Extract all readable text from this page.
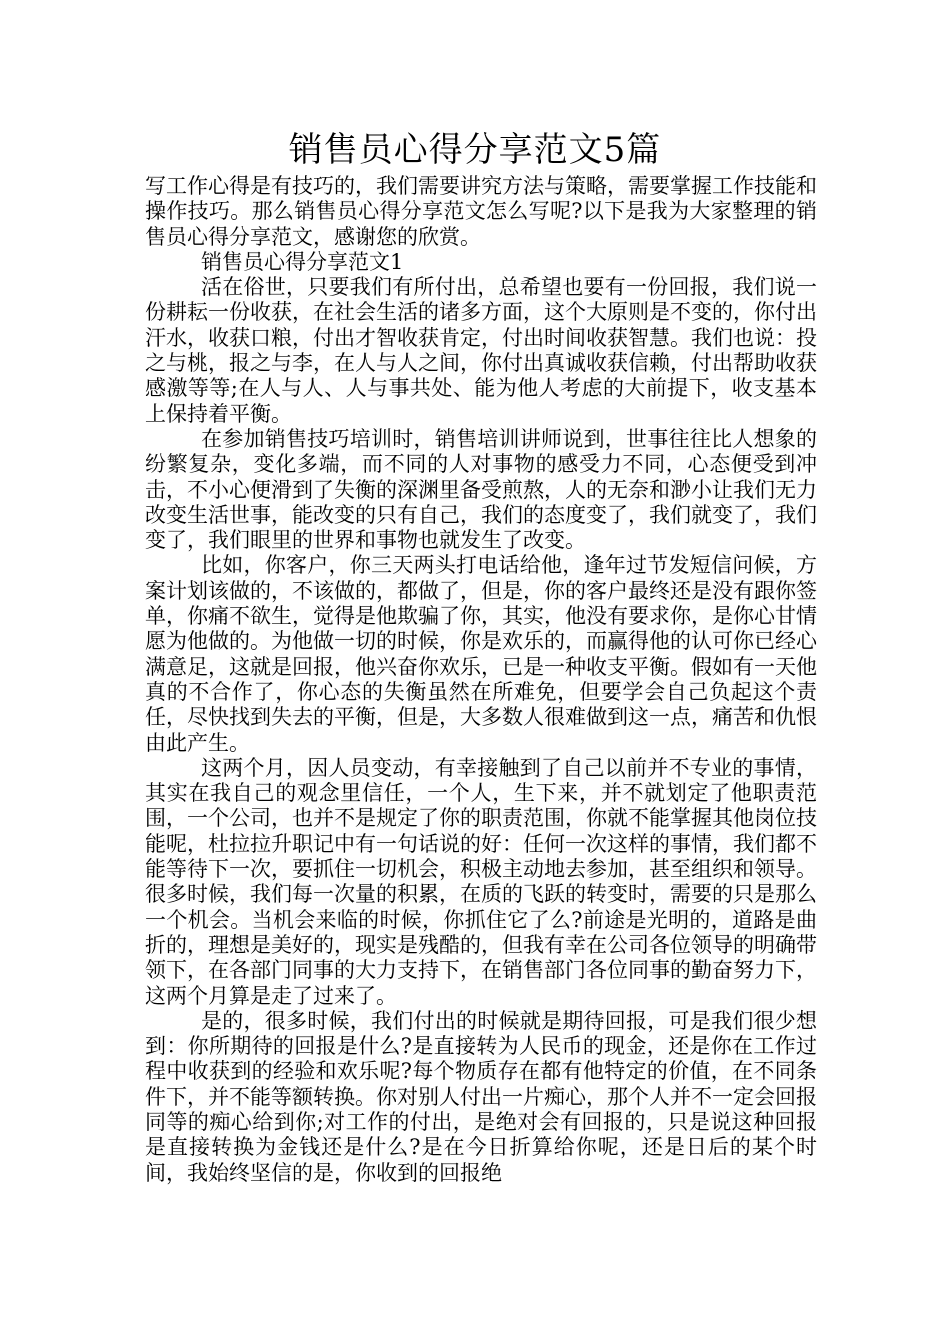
销售员心得分享范文5篇

写工作心得是有技巧的，我们需要讲究方法与策略，需要掌握工作技能和操作技巧。那么销售员心得分享范文怎么写呢?以下是我为大家整理的销售员心得分享范文，感谢您的欣赏。

销售员心得分享范文1

活在俗世，只要我们有所付出，总希望也要有一份回报，我们说一份耕耘一份收获，在社会生活的诸多方面，这个大原则是不变的，你付出汗水，收获口粮，付出才智收获肯定，付出时间收获智慧。我们也说：投之与桃，报之与李，在人与人之间，你付出真诚收获信赖，付出帮助收获感激等等;在人与人、人与事共处、能为他人考虑的大前提下，收支基本上保持着平衡。

在参加销售技巧培训时，销售培训讲师说到，世事往往比人想象的纷繁复杂，变化多端，而不同的人对事物的感受力不同，心态便受到冲击，不小心便滑到了失衡的深渊里备受煎熬，人的无奈和渺小让我们无力改变生活世事，能改变的只有自己，我们的态度变了，我们就变了，我们变了，我们眼里的世界和事物也就发生了改变。

比如，你客户，你三天两头打电话给他，逢年过节发短信问候，方案计划该做的，不该做的，都做了，但是，你的客户最终还是没有跟你签单，你痛不欲生，觉得是他欺骗了你，其实，他没有要求你，是你心甘情愿为他做的。为他做一切的时候，你是欢乐的，而赢得他的认可你已经心满意足，这就是回报，他兴奋你欢乐，已是一种收支平衡。假如有一天他真的不合作了，你心态的失衡虽然在所难免，但要学会自己负起这个责任，尽快找到失去的平衡，但是，大多数人很难做到这一点，痛苦和仇恨由此产生。

这两个月，因人员变动，有幸接触到了自己以前并不专业的事情，其实在我自己的观念里信任，一个人，生下来，并不就划定了他职责范围，一个公司，也并不是规定了你的职责范围，你就不能掌握其他岗位技能呢，杜拉拉升职记中有一句话说的好：任何一次这样的事情，我们都不能等待下一次，要抓住一切机会，积极主动地去参加，甚至组织和领导。很多时候，我们每一次量的积累，在质的飞跃的转变时，需要的只是那么一个机会。当机会来临的时候，你抓住它了么?前途是光明的，道路是曲折的，理想是美好的，现实是残酷的，但我有幸在公司各位领导的明确带领下，在各部门同事的大力支持下，在销售部门各位同事的勤奋努力下，这两个月算是走了过来了。

是的，很多时候，我们付出的时候就是期待回报，可是我们很少想到：你所期待的回报是什么?是直接转为人民币的现金，还是你在工作过程中收获到的经验和欢乐呢?每个物质存在都有他特定的价值，在不同条件下，并不能等额转换。你对别人付出一片痴心，那个人并不一定会回报同等的痴心给到你;对工作的付出，是绝对会有回报的，只是说这种回报是直接转换为金钱还是什么?是在今日折算给你呢，还是日后的某个时间，我始终坚信的是，你收到的回报绝
